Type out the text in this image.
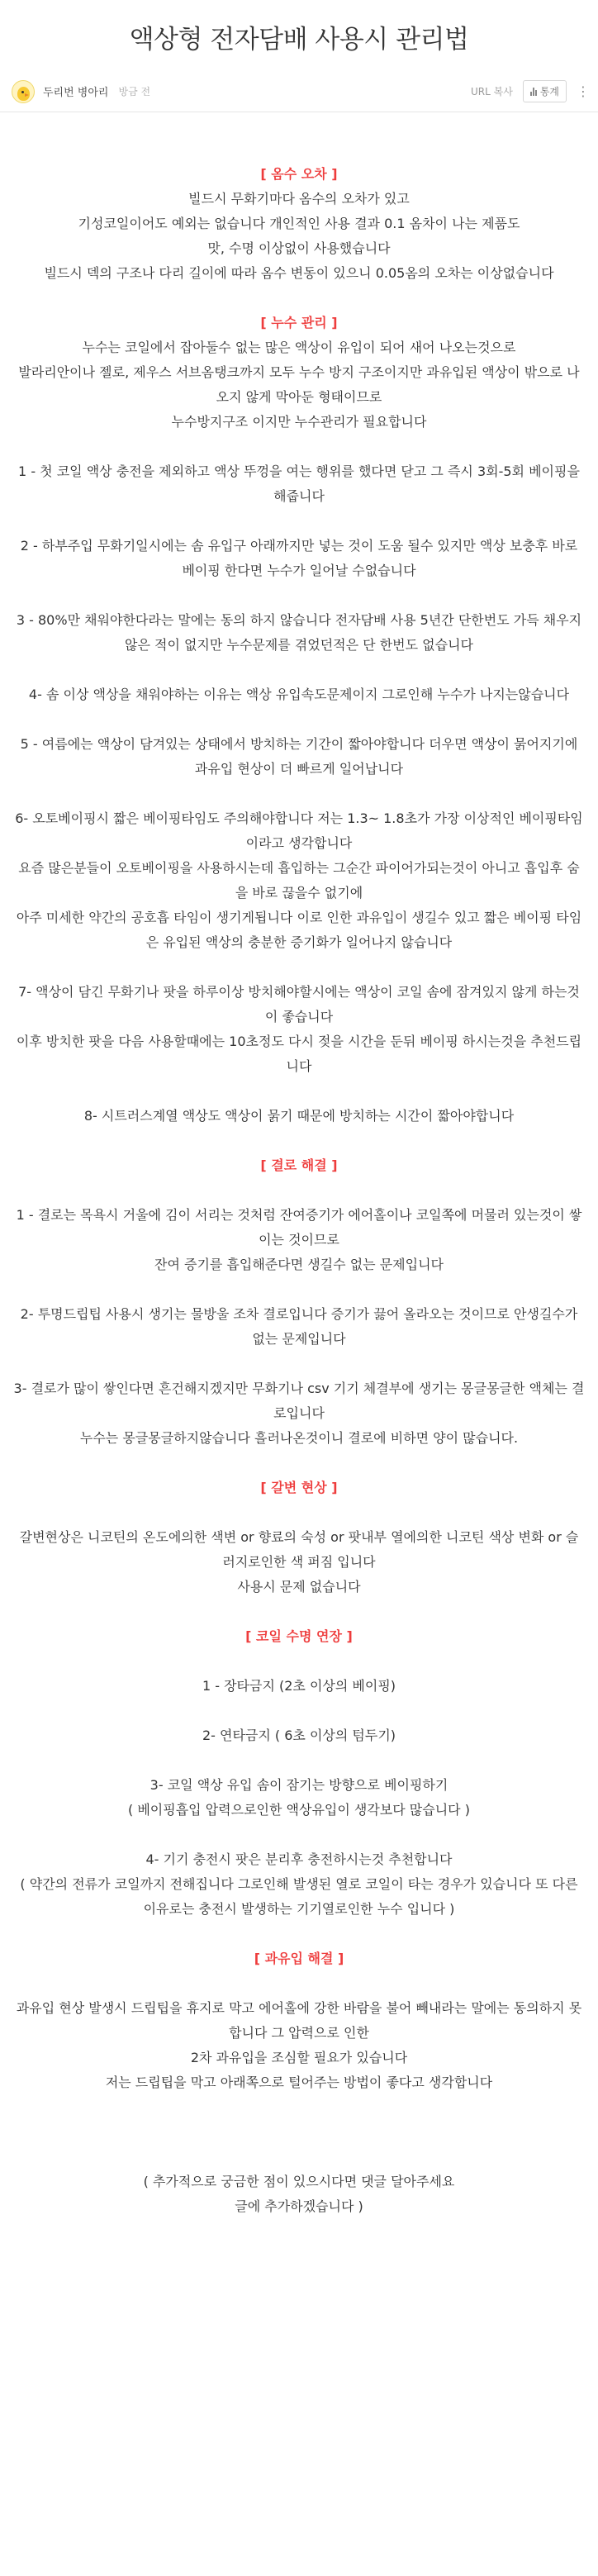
액상형 전자담배 사용시 관리법
두리번 병아리 방금 전	URL 복사	통계 ⋮

[ 옴수 오차 ]

빌드시 무화기마다 옴수의 오차가 있고

기성코일이어도 예외는 없습니다 개인적인 사용 결과 0.1 옴차이 나는 제품도

맛, 수명 이상없이 사용했습니다

빌드시 덱의 구조나 다리 길이에 따라 옴수 변동이 있으니 0.05옴의 오차는 이상없습니다

[ 누수 관리 ]

누수는 코일에서 잡아둘수 없는 많은 액상이 유입이 되어 새어 나오는것으로

발라리안이나 젤로, 제우스 서브옴탱크까지 모두 누수 방지 구조이지만 과유입된 액상이 밖으로 나오지 않게 막아둔 형태이므로

누수방지구조 이지만 누수관리가 필요합니다

1 - 첫 코일 액상 충전을 제외하고 액상 뚜껑을 여는 행위를 했다면 닫고 그 즉시 3회-5회 베이핑을 해줍니다

2 - 하부주입 무화기일시에는 솜 유입구 아래까지만 넣는 것이 도움 될수 있지만 액상 보충후 바로 베이핑 한다면 누수가 일어날 수없습니다

3 - 80%만 채워야한다라는 말에는 동의 하지 않습니다 전자담배 사용 5년간 단한번도 가득 채우지 않은 적이 없지만 누수문제를 겪었던적은 단 한번도 없습니다

4- 솜 이상 액상을 채워야하는 이유는 액상 유입속도문제이지 그로인해 누수가 나지는않습니다

5 - 여름에는 액상이 담겨있는 상태에서 방치하는 기간이 짧아야합니다 더우면 액상이 묽어지기에 과유입 현상이 더 빠르게 일어납니다

6- 오토베이핑시 짧은 베이핑타임도 주의해야합니다 저는 1.3~ 1.8초가 가장 이상적인 베이핑타임이라고 생각합니다

요즘 많은분들이 오토베이핑을 사용하시는데 흡입하는 그순간 파이어가되는것이 아니고 흡입후 숨을 바로 끊을수 없기에

아주 미세한 약간의 공호흡 타임이 생기게됩니다 이로 인한 과유입이 생길수 있고 짧은 베이핑 타임은 유입된 액상의 충분한 증기화가 일어나지 않습니다

7- 액상이 담긴 무화기나 팟을 하루이상 방치해야할시에는 액상이 코일 솜에 잠겨있지 않게 하는것이 좋습니다

이후 방치한 팟을 다음 사용할때에는 10초정도 다시 젖을 시간을 둔뒤 베이핑 하시는것을 추천드립니다

8- 시트러스계열 액상도 액상이 묽기 때문에 방치하는 시간이 짧아야합니다

[ 결로 해결 ]

1 - 결로는 목욕시 거울에 김이 서리는 것처럼 잔여증기가 에어홀이나 코일쪽에 머물러 있는것이 쌓이는 것이므로

잔여 증기를 흡입해준다면 생길수 없는 문제입니다

2- 투명드립팁 사용시 생기는 물방울 조차 결로입니다 증기가 끓어 올라오는 것이므로 안생길수가 없는 문제입니다

3- 결로가 많이 쌓인다면 흔건해지겠지만 무화기나 csv 기기 체결부에 생기는 몽글몽글한 액체는 결로입니다

누수는 몽글몽글하지않습니다 흘러나온것이니 결로에 비하면 양이 많습니다.

[ 갈변 현상 ]

갈변현상은 니코틴의 온도에의한 색변 or 향료의 숙성 or 팟내부 열에의한 니코틴 색상 변화 or 슬러지로인한 색 퍼짐 입니다

사용시 문제 없습니다

[ 코일 수명 연장 ]

1 - 장타금지 (2초 이상의 베이핑)

2- 연타금지 ( 6초 이상의 텀두기)

3- 코일 액상 유입 솜이 잠기는 방향으로 베이핑하기

( 베이핑흡입 압력으로인한 액상유입이 생각보다 많습니다 )

4- 기기 충전시 팟은 분리후 충전하시는것 추천합니다

( 약간의 전류가 코일까지 전해집니다 그로인해 발생된 열로 코일이 타는 경우가 있습니다 또 다른 이유로는 충전시 발생하는 기기열로인한 누수 입니다 )

[ 과유입 해결 ]

과유입 현상 발생시 드립팁을 휴지로 막고 에어홀에 강한 바람을 불어 빼내라는 말에는 동의하지 못합니다 그 압력으로 인한

2차 과유입을 조심할 필요가 있습니다

저는 드립팁을 막고 아래쪽으로 털어주는 방법이 좋다고 생각합니다

( 추가적으로 궁금한 점이 있으시다면 댓글 달아주세요

글에 추가하겠습니다 )
